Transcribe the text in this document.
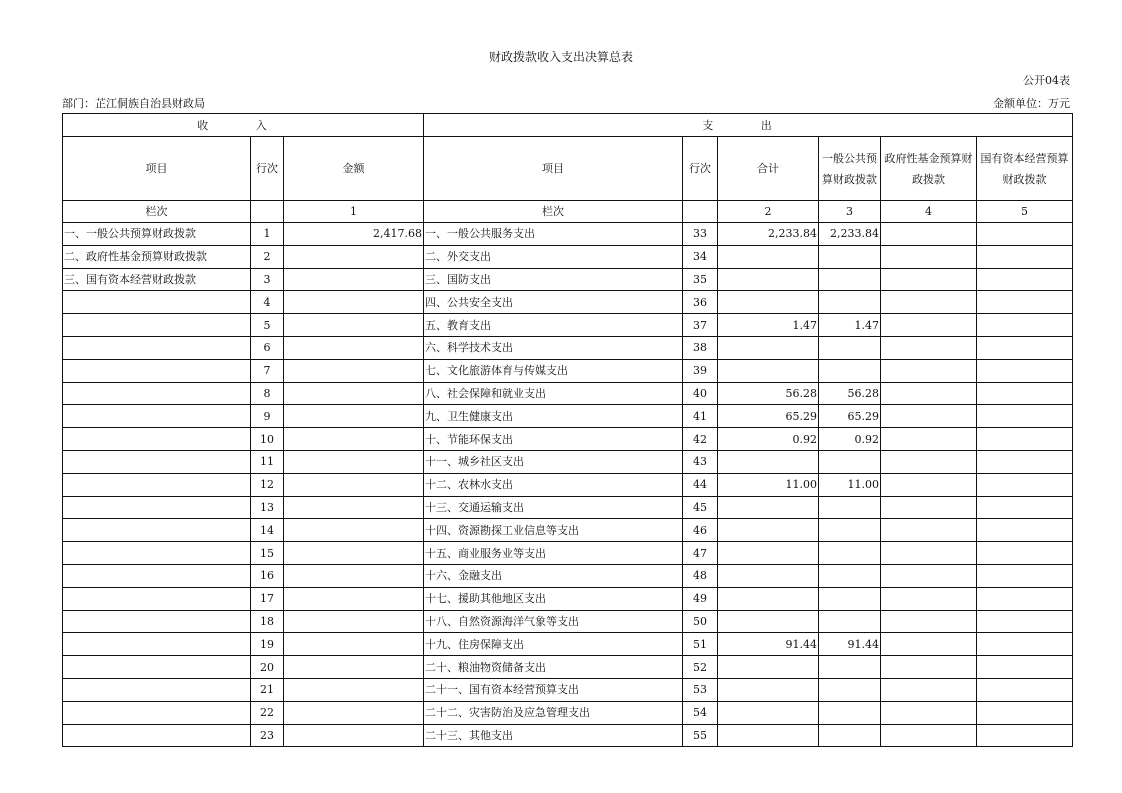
财政拨款收入支出决算总表
公开04表
部门：芷江侗族自治县财政局	金额单位：万元
收 入			支 出					
项目	行次	金额	项目	行次	合计	一般公共预算财政拨款	政府性基金预算财政拨款	国有资本经营预算财政拨款
栏次		1	栏次		2	3	4	5
一、一般公共预算财政拨款	1	2,417.68	一、一般公共服务支出	33	2,233.84	2,233.84		
二、政府性基金预算财政拨款	2		二、外交支出	34				
三、国有资本经营财政拨款	3		三、国防支出	35				
	4		四、公共安全支出	36				
	5		五、教育支出	37	1.47	1.47		
	6		六、科学技术支出	38				
	7		七、文化旅游体育与传媒支出	39				
	8		八、社会保障和就业支出	40	56.28	56.28		
	9		九、卫生健康支出	41	65.29	65.29		
	10		十、节能环保支出	42	0.92	0.92		
	11		十一、城乡社区支出	43				
	12		十二、农林水支出	44	11.00	11.00		
	13		十三、交通运输支出	45				
	14		十四、资源勘探工业信息等支出	46				
	15		十五、商业服务业等支出	47				
	16		十六、金融支出	48				
	17		十七、援助其他地区支出	49				
	18		十八、自然资源海洋气象等支出	50				
	19		十九、住房保障支出	51	91.44	91.44		
	20		二十、粮油物资储备支出	52				
	21		二十一、国有资本经营预算支出	53				
	22		二十二、灾害防治及应急管理支出	54				
	23		二十三、其他支出	55				
